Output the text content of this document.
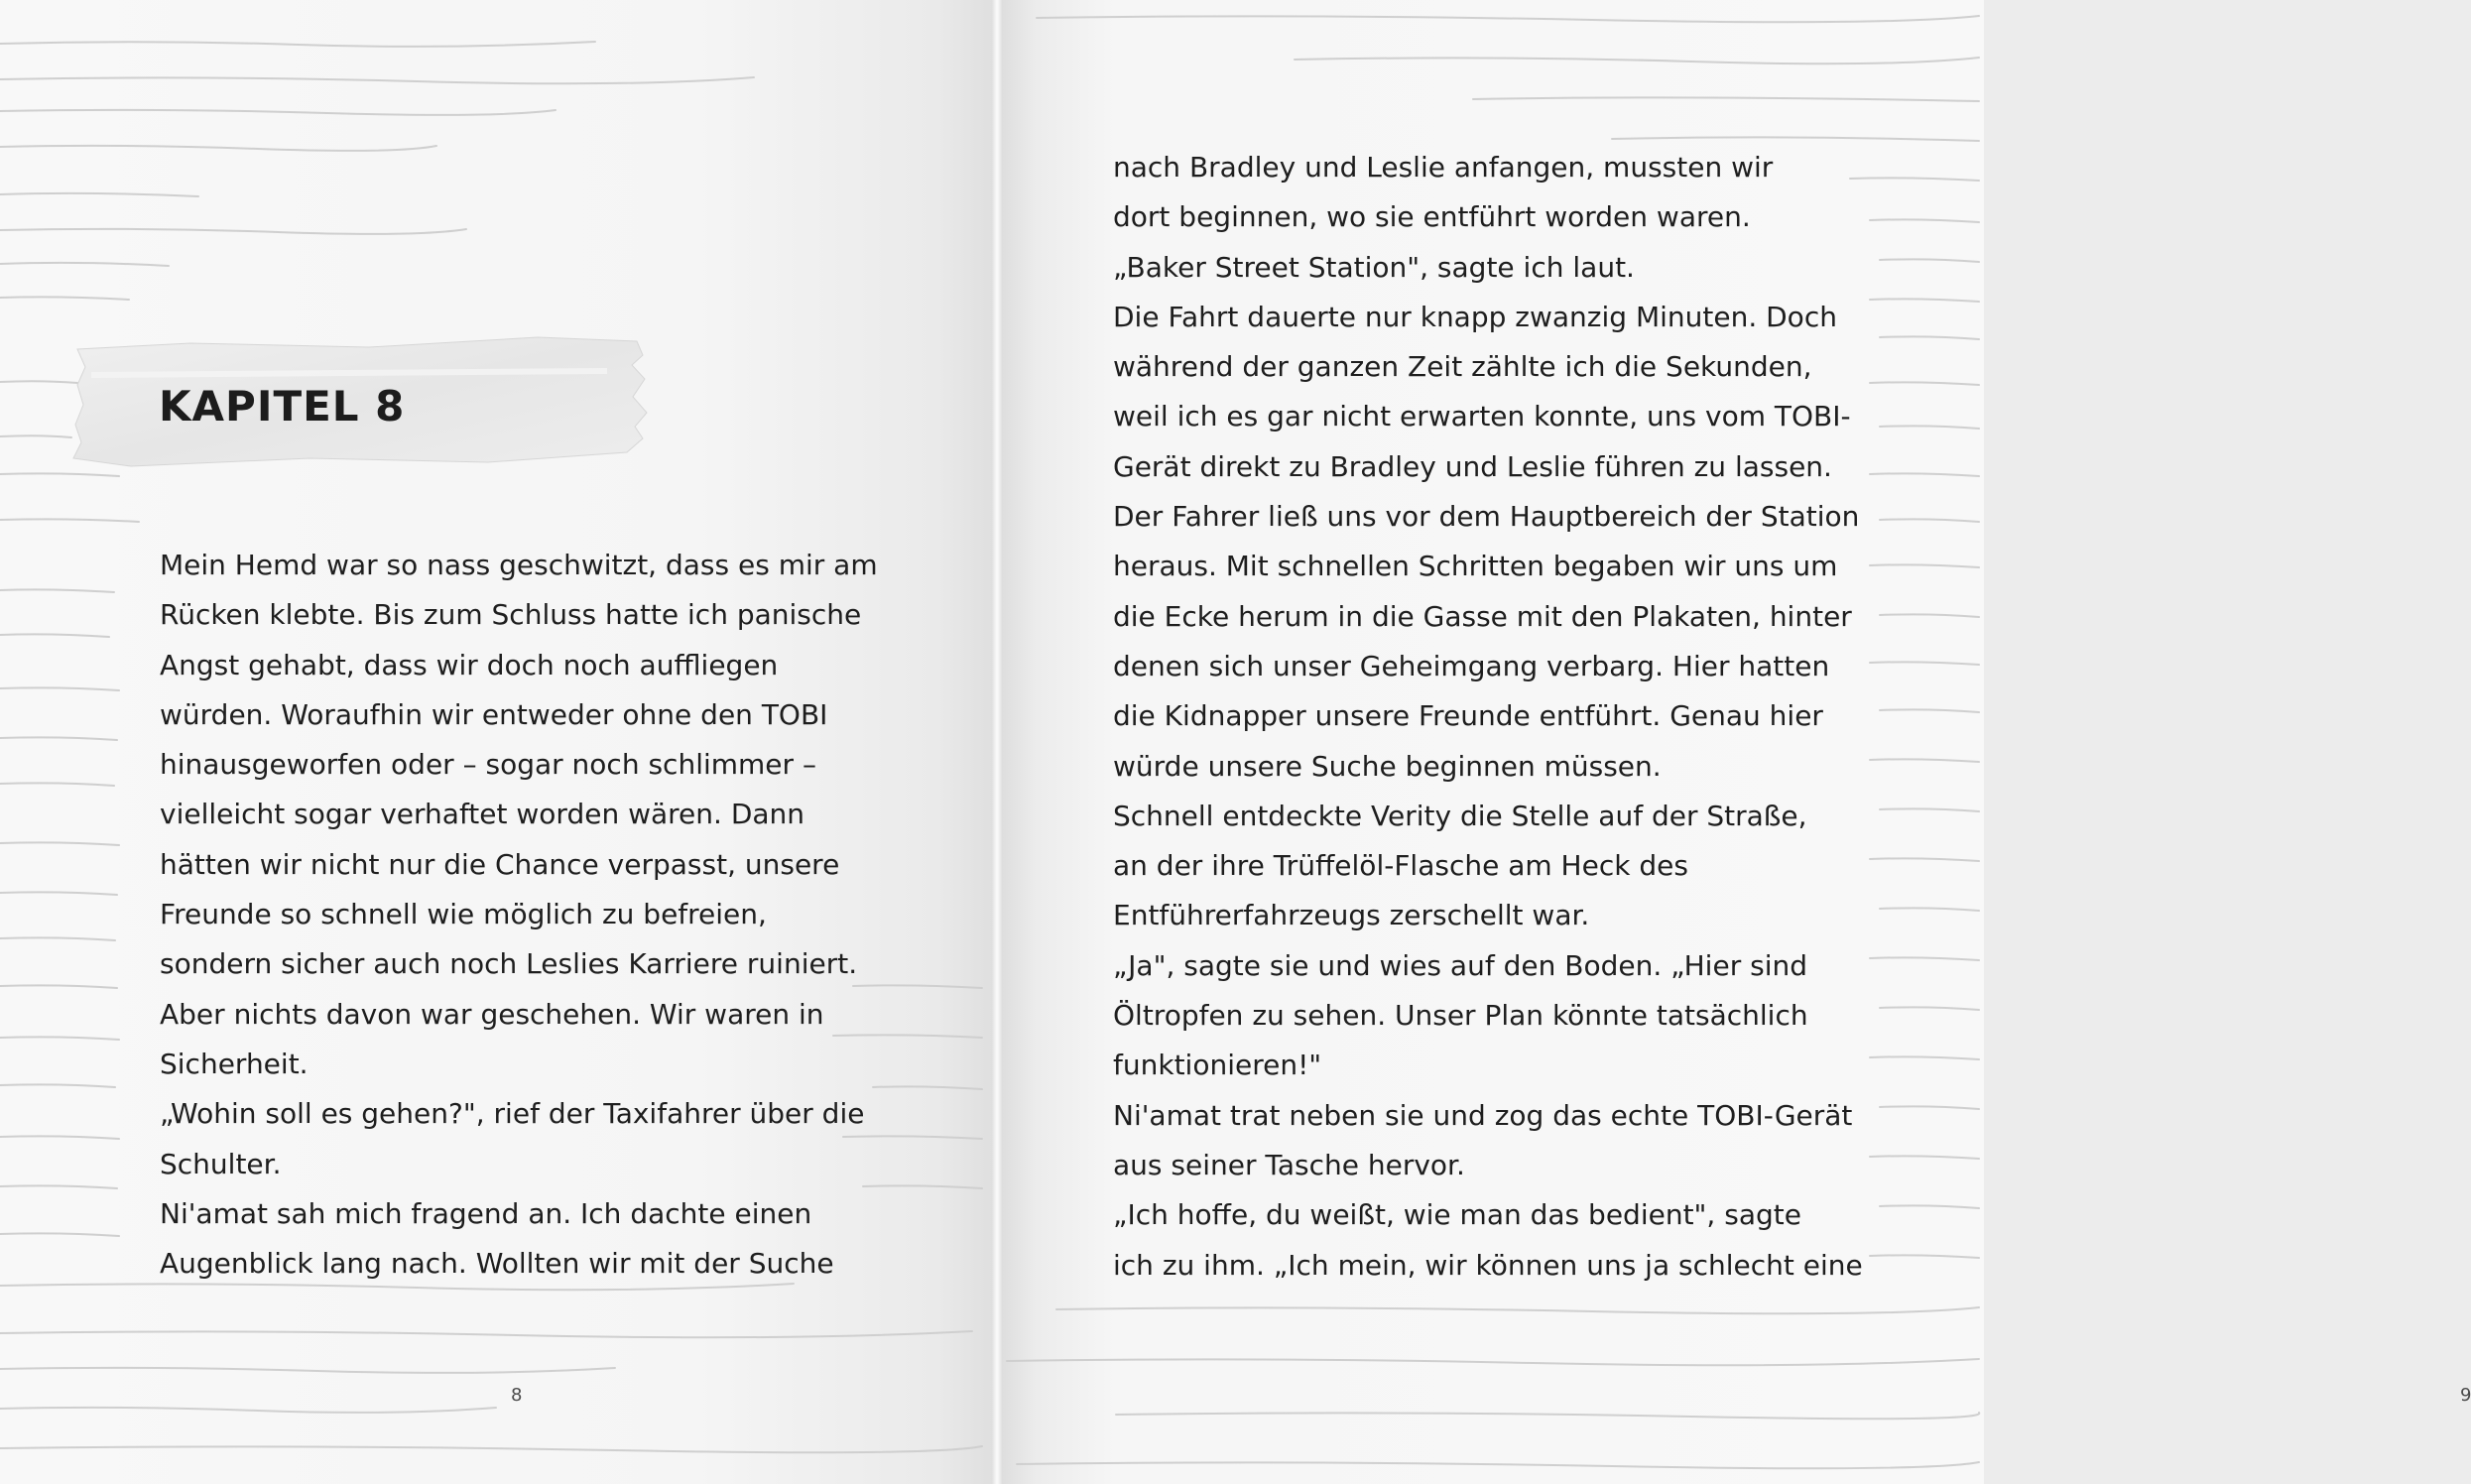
KAPITEL 8
Mein Hemd war so nass geschwitzt, dass es mir am
Rücken klebte. Bis zum Schluss hatte ich panische
Angst gehabt, dass wir doch noch auffliegen
würden. Woraufhin wir entweder ohne den TOBI
hinausgeworfen oder – sogar noch schlimmer –
vielleicht sogar verhaftet worden wären. Dann
hätten wir nicht nur die Chance verpasst, unsere
Freunde so schnell wie möglich zu befreien,
sondern sicher auch noch Leslies Karriere ruiniert.
Aber nichts davon war geschehen. Wir waren in
Sicherheit.
„Wohin soll es gehen?", rief der Taxifahrer über die
Schulter.
Ni'amat sah mich fragend an. Ich dachte einen
Augenblick lang nach. Wollten wir mit der Suche
8	9
nach Bradley und Leslie anfangen, mussten wir
dort beginnen, wo sie entführt worden waren.
„Baker Street Station", sagte ich laut.
Die Fahrt dauerte nur knapp zwanzig Minuten. Doch
während der ganzen Zeit zählte ich die Sekunden,
weil ich es gar nicht erwarten konnte, uns vom TOBI-
Gerät direkt zu Bradley und Leslie führen zu lassen.
Der Fahrer ließ uns vor dem Hauptbereich der Station
heraus. Mit schnellen Schritten begaben wir uns um
die Ecke herum in die Gasse mit den Plakaten, hinter
denen sich unser Geheimgang verbarg. Hier hatten
die Kidnapper unsere Freunde entführt. Genau hier
würde unsere Suche beginnen müssen.
Schnell entdeckte Verity die Stelle auf der Straße,
an der ihre Trüffelöl-Flasche am Heck des
Entführerfahrzeugs zerschellt war.
„Ja", sagte sie und wies auf den Boden. „Hier sind
Öltropfen zu sehen. Unser Plan könnte tatsächlich
funktionieren!"
Ni'amat trat neben sie und zog das echte TOBI-Gerät
aus seiner Tasche hervor.
„Ich hoffe, du weißt, wie man das bedient", sagte
ich zu ihm. „Ich mein, wir können uns ja schlecht eine
